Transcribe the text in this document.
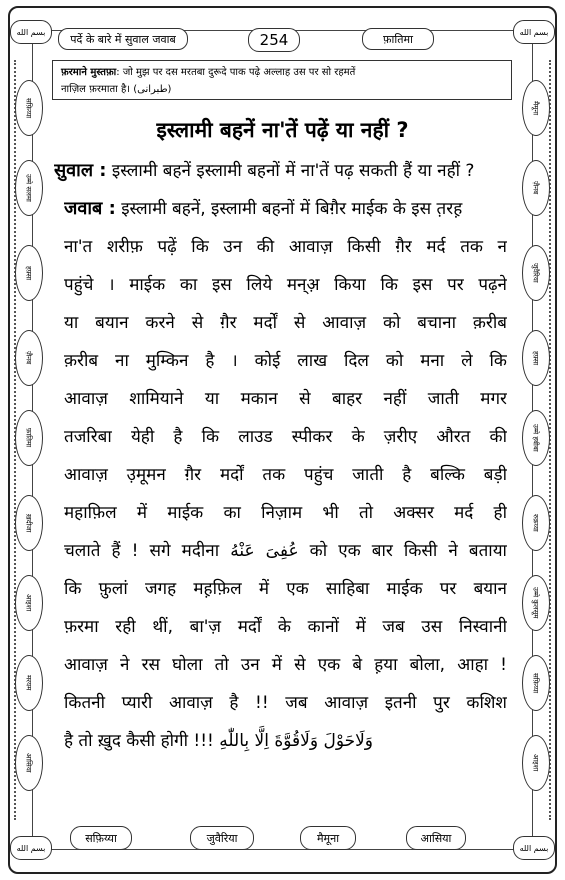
بسم الله	بسم الله
पर्दे के बारे में सुवाल जवाब	254	फ़ातिमा
सफ़िय्या
उम्मे सलमा
हफ़्सा
ज़ैनब
फ़ातिमा
ख़दीजा
आइशा
मरयम
आसिया
मैमूना
ज़ैनब
जुवैरिया
हफ़्सा
उम्मे हबीबा
रुक़य्या
उम्मे कुलसूम
सफ़िय्या
आइशा
फ़रमाने मुस्तफ़ा: जो मुझ पर दस मरतबा दुरूदे पाक पढ़े अल्लाह उस पर सो रहमतें
नाज़िल फ़रमाता है। (طبرانی)
इस्लामी बहनें ना'तें पढ़ें या नहीं ?
सुवाल : इस्लामी बहनें इस्लामी बहनों में ना'तें पढ़ सकती हैं या नहीं ?
जवाब : इस्लामी बहनें, इस्लामी बहनों में बिग़ैर माईक के इस त़रह़
ना'त शरीफ़ पढ़ें कि उन की आवाज़ किसी ग़ैर मर्द तक न
पहुंचे । माईक का इस लिये मन्अ़ किया कि इस पर पढ़ने
या बयान करने से ग़ैर मर्दों से आवाज़ को बचाना क़रीब
क़रीब ना मुम्किन है । कोई लाख दिल को मना ले कि
आवाज़ शामियाने या मकान से बाहर नहीं जाती मगर
तजरिबा येही है कि लाउड स्पीकर के ज़रीए औरत की
आवाज़ उ़मूमन ग़ैर मर्दों तक पहुंच जाती है बल्कि बड़ी
महाफ़िल में माईक का निज़ाम भी तो अक्सर मर्द ही
चलाते हैं ! सगे मदीना عُفِیَ عَنْهُ को एक बार किसी ने बताया
कि फ़ुलां जगह मह़फ़िल में एक साहिबा माईक पर बयान
फ़रमा रही थीं, बा'ज़ मर्दों के कानों में जब उस निस्वानी
आवाज़ ने रस घोला तो उन में से एक बे ह़या बोला, आहा !
कितनी प्यारी आवाज़ है !! जब आवाज़ इतनी पुर कशिश
है तो ख़ुद कैसी होगी !!! وَلَاحَوْلَ وَلَاقُوَّةَ اِلَّا بِاللّٰهِ
सफ़िय्या	जुवैरिया	मैमूना	आसिया
بسم الله	بسم الله
